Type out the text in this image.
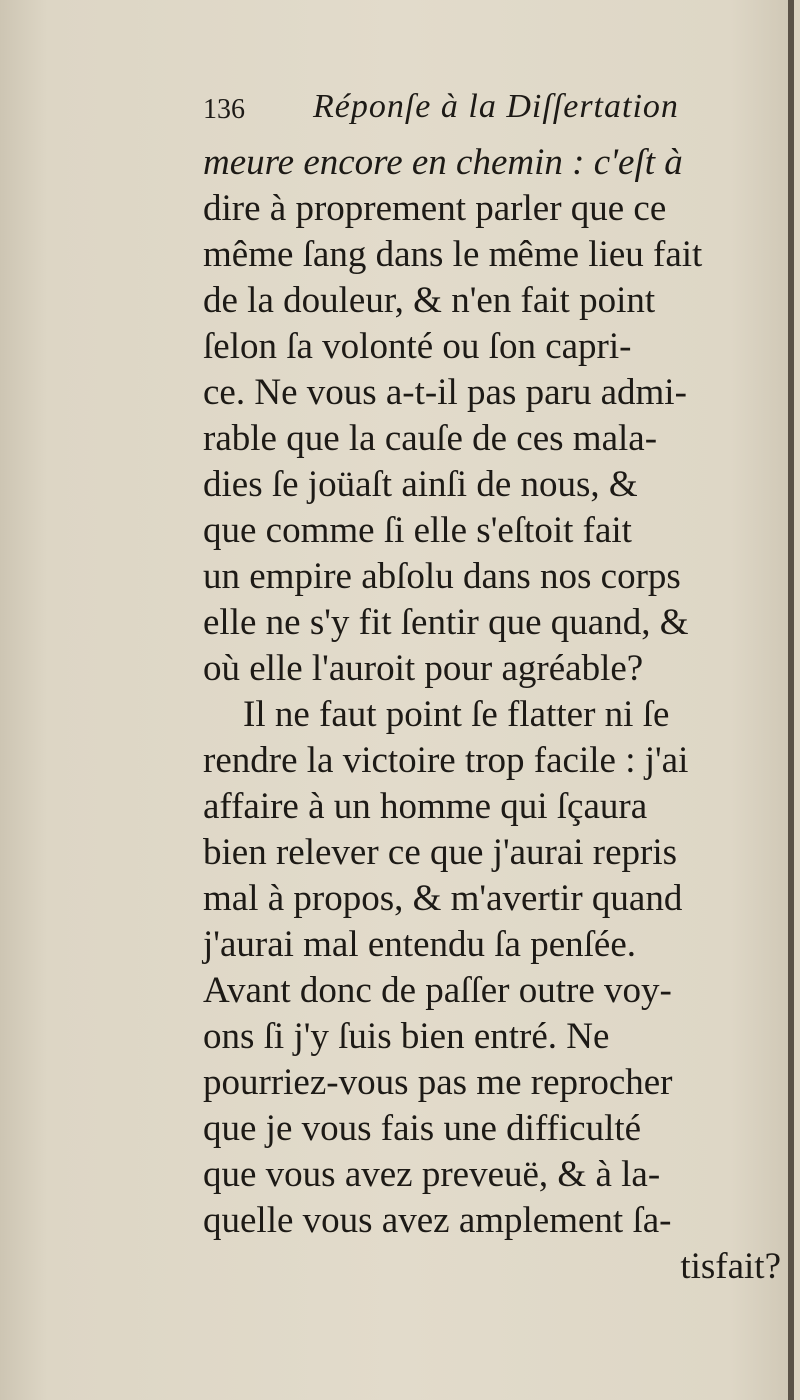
136 Réponſe à la Diſſertation
meure encore en chemin : c'eſt à
dire à proprement parler que ce
même ſang dans le même lieu fait
de la douleur, & n'en fait point
ſelon ſa volonté ou ſon capri-
ce. Ne vous a-t-il pas paru admi-
rable que la cauſe de ces mala-
dies ſe joüaſt ainſi de nous, &
que comme ſi elle s'eſtoit fait
un empire abſolu dans nos corps
elle ne s'y fit ſentir que quand, &
où elle l'auroit pour agréable?
Il ne faut point ſe flatter ni ſe
rendre la victoire trop facile : j'ai
affaire à un homme qui ſçaura
bien relever ce que j'aurai repris
mal à propos, & m'avertir quand
j'aurai mal entendu ſa penſée.
Avant donc de paſſer outre voy-
ons ſi j'y ſuis bien entré. Ne
pourriez-vous pas me reprocher
que je vous fais une difficulté
que vous avez preveuë, & à la-
quelle vous avez amplement ſa-
tisfait?
